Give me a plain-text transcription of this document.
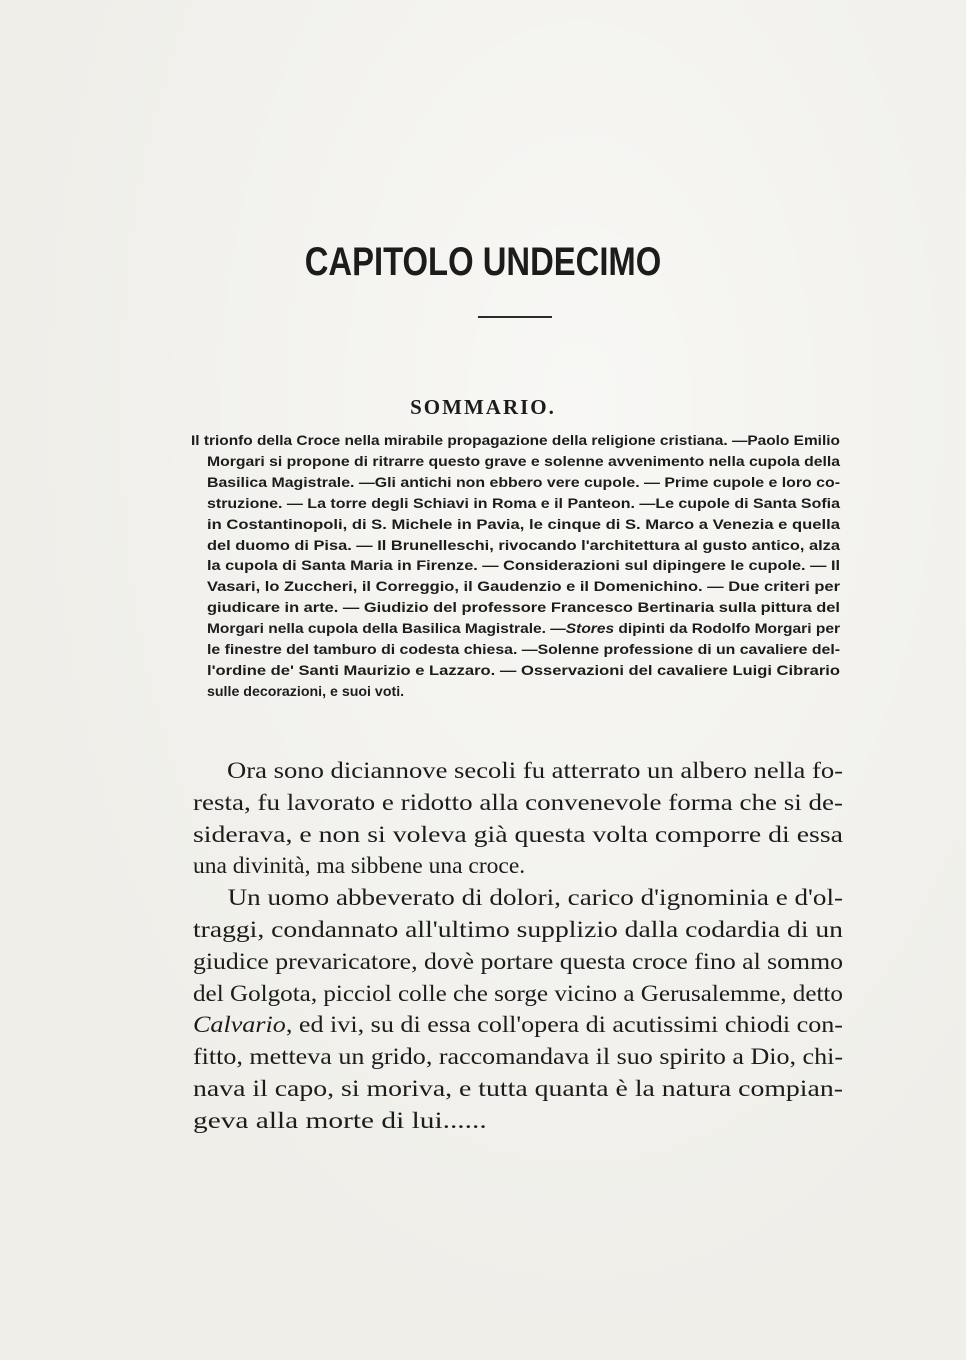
CAPITOLO UNDECIMO
SOMMARIO.
Il trionfo della Croce nella mirabile propagazione della religione cristiana. —Paolo Emilio
Morgari si propone di ritrarre questo grave e solenne avvenimento nella cupola della
Basilica Magistrale. —Gli antichi non ebbero vere cupole. — Prime cupole e loro co-
struzione. — La torre degli Schiavi in Roma e il Panteon. —Le cupole di Santa Sofia
in Costantinopoli, di S. Michele in Pavia, le cinque di S. Marco a Venezia e quella
del duomo di Pisa. — Il Brunelleschi, rivocando l'architettura al gusto antico, alza
la cupola di Santa Maria in Firenze. — Considerazioni sul dipingere le cupole. — Il
Vasari, lo Zuccheri, il Correggio, il Gaudenzio e il Domenichino. — Due criteri per
giudicare in arte. — Giudizio del professore Francesco Bertinaria sulla pittura del
Morgari nella cupola della Basilica Magistrale. —Stores dipinti da Rodolfo Morgari per
le finestre del tamburo di codesta chiesa. —Solenne professione di un cavaliere del-
l'ordine de' Santi Maurizio e Lazzaro. — Osservazioni del cavaliere Luigi Cibrario
sulle decorazioni, e suoi voti.
Ora sono diciannove secoli fu atterrato un albero nella fo-
resta, fu lavorato e ridotto alla convenevole forma che si de-
siderava, e non si voleva già questa volta comporre di essa
una divinità, ma sibbene una croce.
Un uomo abbeverato di dolori, carico d'ignominia e d'ol-
traggi, condannato all'ultimo supplizio dalla codardia di un
giudice prevaricatore, dovè portare questa croce fino al sommo
del Golgota, picciol colle che sorge vicino a Gerusalemme, detto
Calvario, ed ivi, su di essa coll'opera di acutissimi chiodi con-
fitto, metteva un grido, raccomandava il suo spirito a Dio, chi-
nava il capo, si moriva, e tutta quanta è la natura compian-
geva alla morte di lui......
